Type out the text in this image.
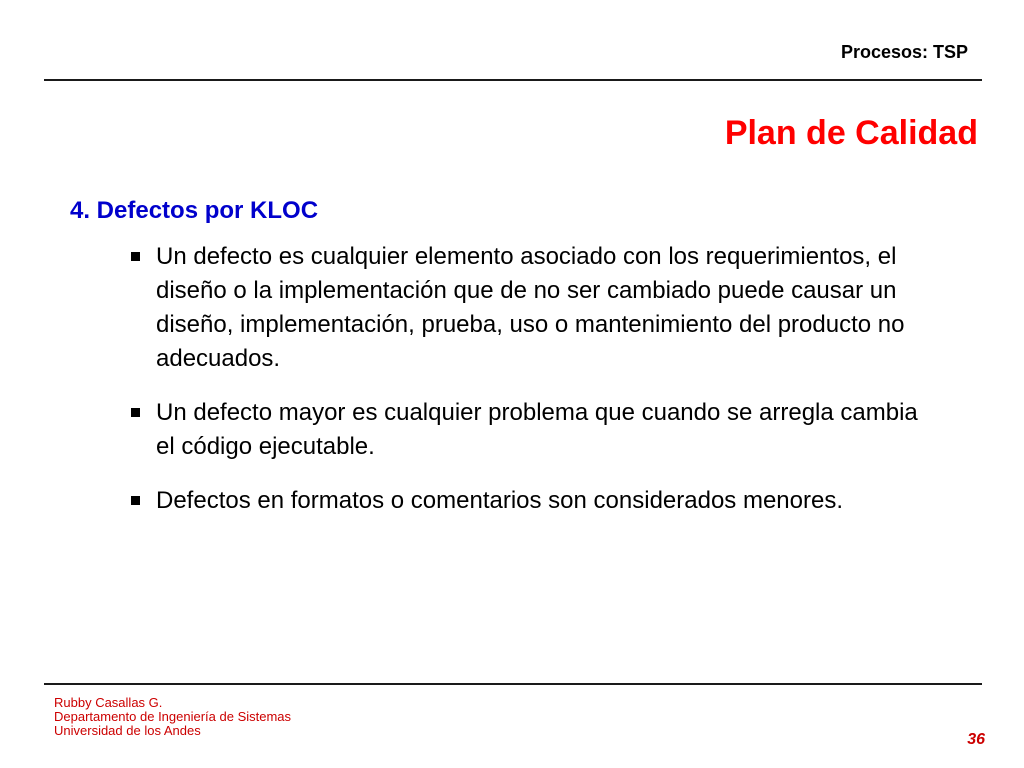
Procesos: TSP
Plan de Calidad
4. Defectos por KLOC
Un defecto es cualquier elemento asociado con los requerimientos, el diseño o la implementación que de no ser cambiado puede causar un diseño, implementación, prueba, uso o mantenimiento del producto no adecuados.
Un defecto mayor es cualquier problema que cuando se arregla cambia el código ejecutable.
Defectos en formatos o comentarios son considerados menores.
Rubby Casallas G.
Departamento de Ingeniería de Sistemas
Universidad de los Andes
36
